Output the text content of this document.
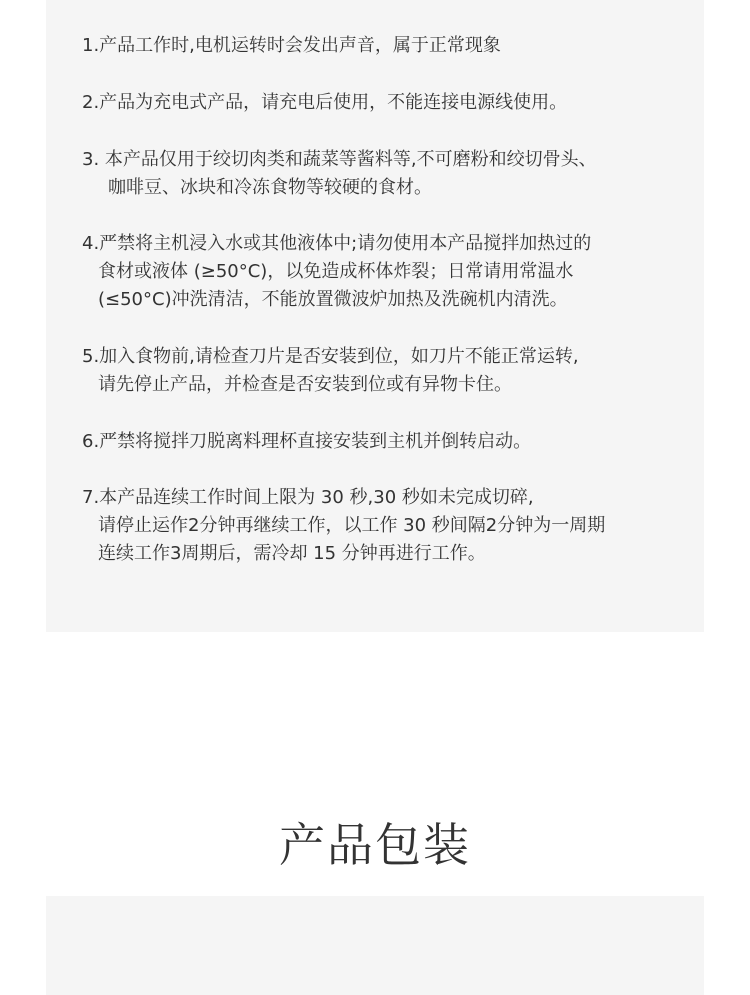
1.产品工作时,电机运转时会发出声音，属于正常现象
2.产品为充电式产品，请充电后使用，不能连接电源线使用。
3. 本产品仅用于绞切肉类和蔬菜等酱料等,不可磨粉和绞切骨头、
咖啡豆、冰块和冷冻食物等较硬的食材。
4.严禁将主机浸入水或其他液体中;请勿使用本产品搅拌加热过的
食材或液体 (≥50°C)，以免造成杯体炸裂；日常请用常温水
(≤50°C)冲洗清洁，不能放置微波炉加热及洗碗机内清洗。
5.加入食物前,请检查刀片是否安装到位，如刀片不能正常运转,
请先停止产品，并检查是否安装到位或有异物卡住。
6.严禁将搅拌刀脱离料理杯直接安装到主机并倒转启动。
7.本产品连续工作时间上限为 30 秒,30 秒如未完成切碎,
请停止运作2分钟再继续工作，以工作 30 秒间隔2分钟为一周期
连续工作3周期后，需冷却 15 分钟再进行工作。
产品包装
